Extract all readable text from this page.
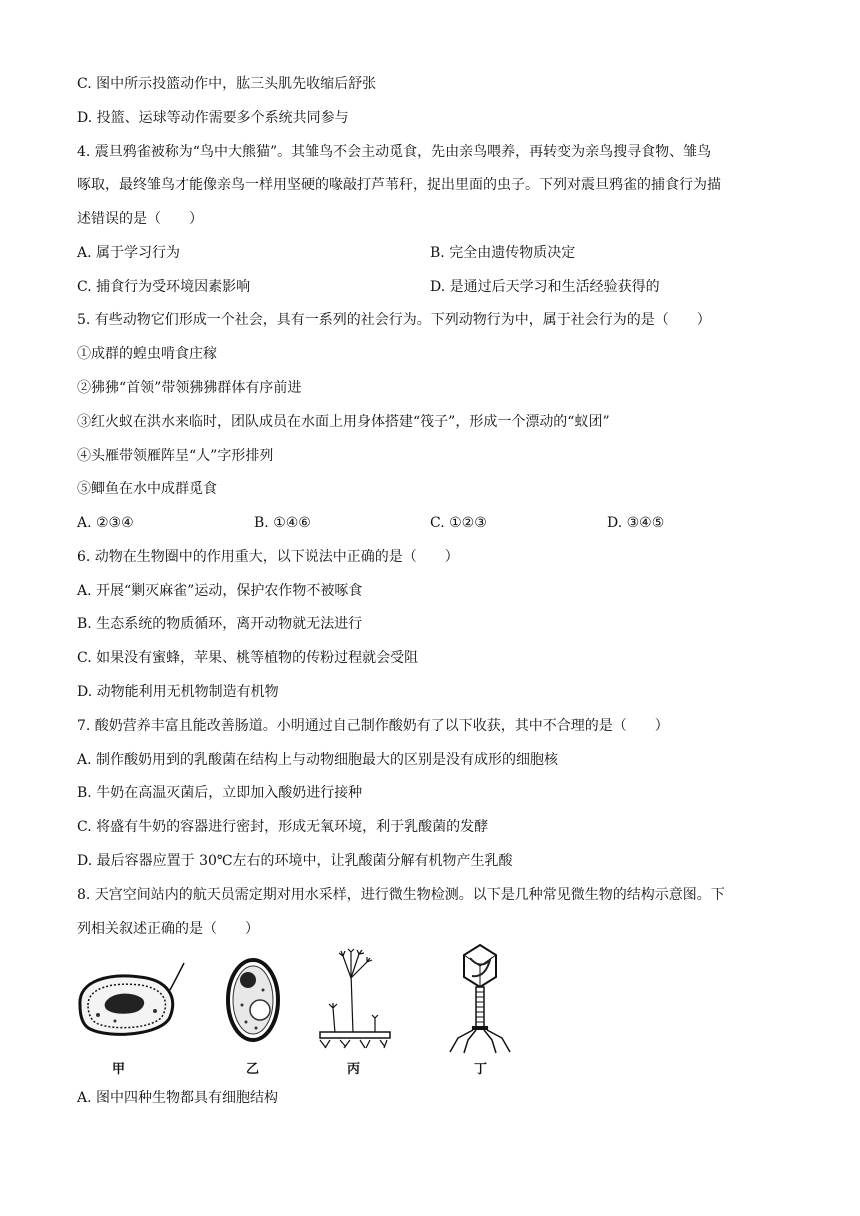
C. 图中所示投篮动作中，肱三头肌先收缩后舒张
D. 投篮、运球等动作需要多个系统共同参与
4. 震旦鸦雀被称为“鸟中大熊猫”。其雏鸟不会主动觅食，先由亲鸟喂养，再转变为亲鸟搜寻食物、雏鸟
啄取，最终雏鸟才能像亲鸟一样用坚硬的喙敲打芦苇秆，捉出里面的虫子。下列对震旦鸦雀的捕食行为描
述错误的是（　　）
A. 属于学习行为	B. 完全由遗传物质决定
C. 捕食行为受环境因素影响	D. 是通过后天学习和生活经验获得的
5. 有些动物它们形成一个社会，具有一系列的社会行为。下列动物行为中，属于社会行为的是（　　）
①成群的蝗虫啃食庄稼
②狒狒“首领”带领狒狒群体有序前进
③红火蚁在洪水来临时，团队成员在水面上用身体搭建“筏子”，形成一个漂动的“蚁团”
④头雁带领雁阵呈“人”字形排列
⑤鲫鱼在水中成群觅食
A. ②③④	B. ①④⑥	C. ①②③	D. ③④⑤
6. 动物在生物圈中的作用重大，以下说法中正确的是（　　）
A. 开展“剿灭麻雀”运动，保护农作物不被啄食
B. 生态系统的物质循环，离开动物就无法进行
C. 如果没有蜜蜂，苹果、桃等植物的传粉过程就会受阻
D. 动物能利用无机物制造有机物
7. 酸奶营养丰富且能改善肠道。小明通过自己制作酸奶有了以下收获，其中不合理的是（　　）
A. 制作酸奶用到的乳酸菌在结构上与动物细胞最大的区别是没有成形的细胞核
B. 牛奶在高温灭菌后，立即加入酸奶进行接种
C. 将盛有牛奶的容器进行密封，形成无氧环境，利于乳酸菌的发酵
D. 最后容器应置于 30℃左右的环境中，让乳酸菌分解有机物产生乳酸
8. 天宫空间站内的航天员需定期对用水采样，进行微生物检测。以下是几种常见微生物的结构示意图。下
列相关叙述正确的是（　　）
甲	乙	丙	丁
A. 图中四种生物都具有细胞结构
